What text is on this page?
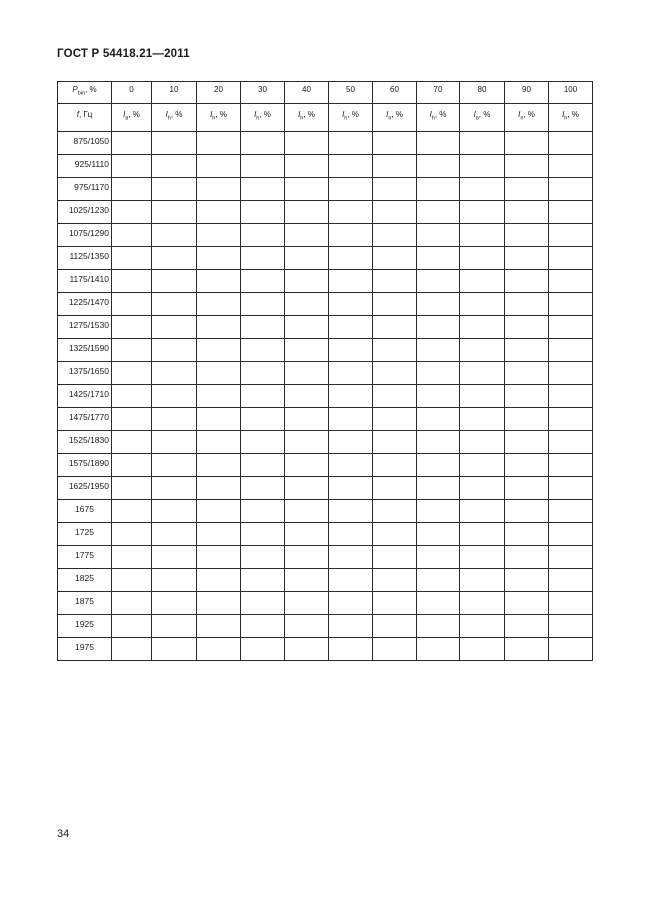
ГОСТ Р 54418.21—2011
$P_{bin}$, %	0	10	20	30	40	50	60	70	80	90	100
f, Гц	$I_в$, %	$I_h$, %	$I_h$, %	$I_h$, %	$I_h$, %	$I_h$, %	$I_п$, %	$I_h$, %	$I_в$, %	$I_п$, %	$I_h$, %
875/1050											
925/1110											
975/1170											
1025/1230											
1075/1290											
1125/1350											
1175/1410											
1225/1470											
1275/1530											
1325/1590											
1375/1650											
1425/1710											
1475/1770											
1525/1830											
1575/1890											
1625/1950											
1675											
1725											
1775											
1825											
1875											
1925											
1975											
34
